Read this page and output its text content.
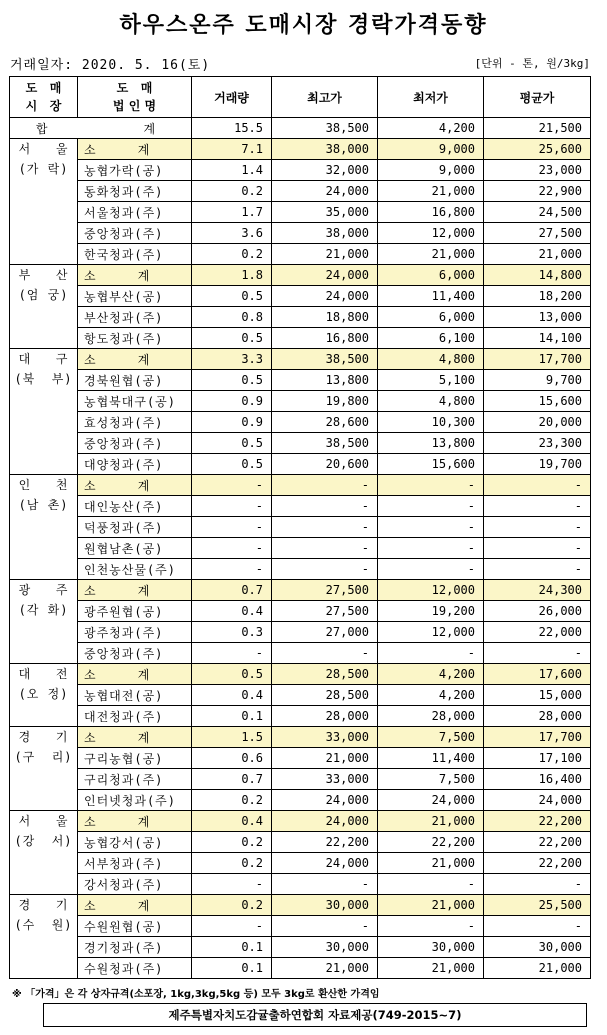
하우스온주 도매시장 경락가격동향
거래일자: 2020. 5. 16(토)	[단위 - 톤, 원/3kg]
도   매
시   장	도   매
법 인 명	거래량	최고가	최저가	평균가
합     계		15.5	38,500	4,200	21,500

서   울
(가 락)	소     계	7.1	38,000	9,000	25,600
	농협가락(공)	1.4	32,000	9,000	23,000
	동화청과(주)	0.2	24,000	21,000	22,900
	서울청과(주)	1.7	35,000	16,800	24,500
	중앙청과(주)	3.6	38,000	12,000	27,500
	한국청과(주)	0.2	21,000	21,000	21,000

부   산
(엄 궁)	소     계	1.8	24,000	6,000	14,800
	농협부산(공)	0.5	24,000	11,400	18,200
	부산청과(주)	0.8	18,800	6,000	13,000
	항도청과(주)	0.5	16,800	6,100	14,100

대   구
(북  부)	소     계	3.3	38,500	4,800	17,700
	경북원협(공)	0.5	13,800	5,100	9,700
	농협북대구(공)	0.9	19,800	4,800	15,600
	효성청과(주)	0.9	28,600	10,300	20,000
	중앙청과(주)	0.5	38,500	13,800	23,300
	대양청과(주)	0.5	20,600	15,600	19,700

인   천
(남 촌)	소     계	-	-	-	-
	대인농산(주)	-	-	-	-
	덕풍청과(주)	-	-	-	-
	원협남촌(공)	-	-	-	-
	인천농산물(주)	-	-	-	-

광   주
(각 화)	소     계	0.7	27,500	12,000	24,300
	광주원협(공)	0.4	27,500	19,200	26,000
	광주청과(주)	0.3	27,000	12,000	22,000
	중앙청과(주)	-	-	-	-

대   전
(오 정)	소     계	0.5	28,500	4,200	17,600
	농협대전(공)	0.4	28,500	4,200	15,000
	대전청과(주)	0.1	28,000	28,000	28,000

경   기
(구  리)	소     계	1.5	33,000	7,500	17,700
	구리농협(공)	0.6	21,000	11,400	17,100
	구리청과(주)	0.7	33,000	7,500	16,400
	인터넷청과(주)	0.2	24,000	24,000	24,000

서   울
(강  서)	소     계	0.4	24,000	21,000	22,200
	농협강서(공)	0.2	22,200	22,200	22,200
	서부청과(주)	0.2	24,000	21,000	22,200
	강서청과(주)	-	-	-	-

경   기
(수  원)	소     계	0.2	30,000	21,000	25,500
	수원원협(공)	-	-	-	-
	경기청과(주)	0.1	30,000	30,000	30,000
	수원청과(주)	0.1	21,000	21,000	21,000
※ 「가격」은 각 상자규격(소포장, 1kg,3kg,5kg 등) 모두 3kg로 환산한 가격임
제주특별자치도감귤출하연합회 자료제공(749-2015~7)
